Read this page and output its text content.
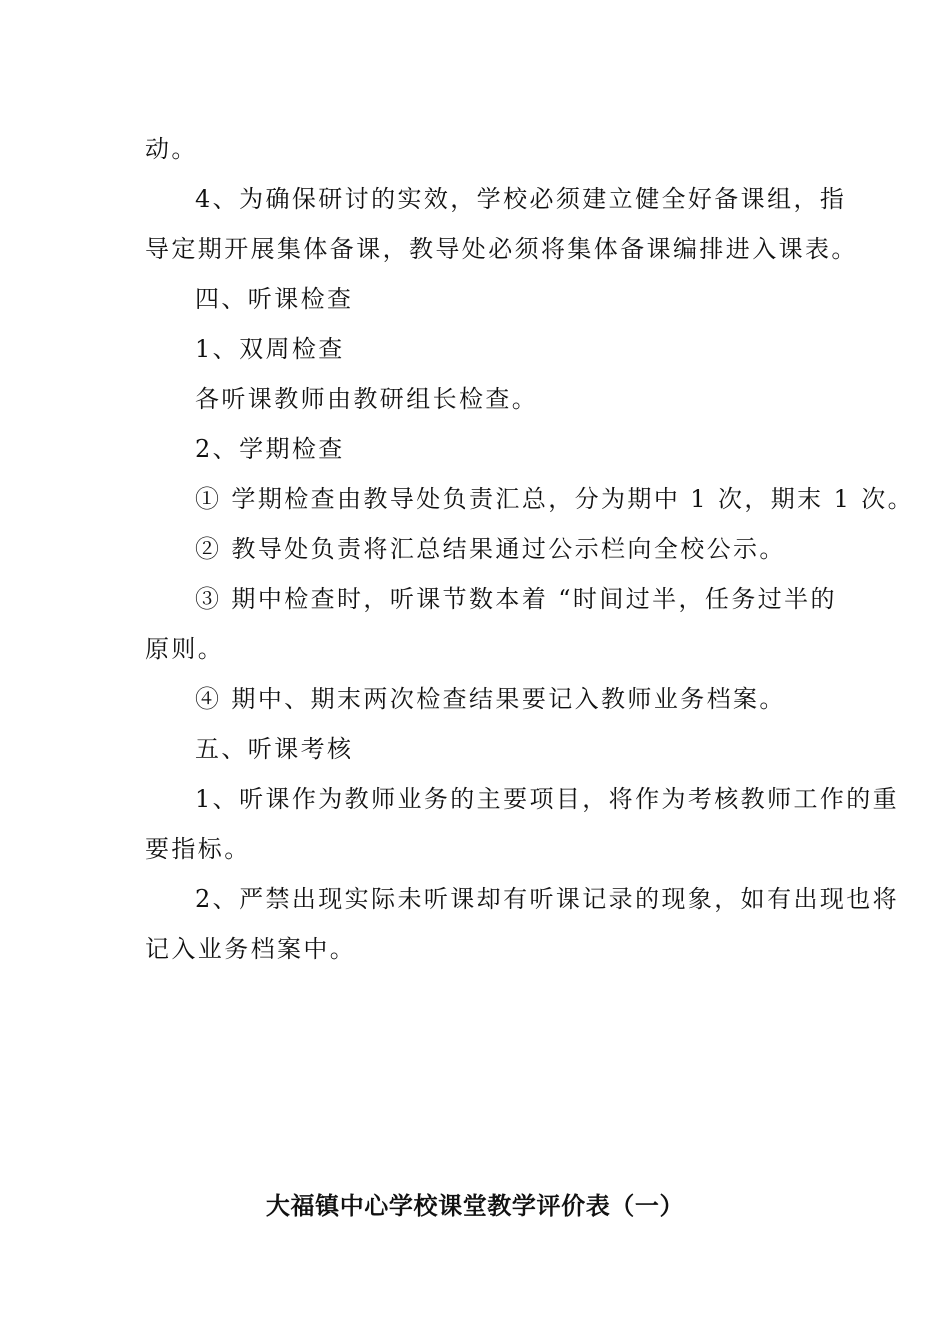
动。
4、为确保研讨的实效，学校必须建立健全好备课组，指
导定期开展集体备课，教导处必须将集体备课编排进入课表。
四、听课检查
1、双周检查
各听课教师由教研组长检查。
2、学期检查
① 学期检查由教导处负责汇总，分为期中 1 次，期末 1 次。
② 教导处负责将汇总结果通过公示栏向全校公示。
③ 期中检查时，听课节数本着 “时间过半，任务过半的
原则。
④ 期中、期末两次检查结果要记入教师业务档案。
五、听课考核
1、听课作为教师业务的主要项目，将作为考核教师工作的重
要指标。
2、严禁出现实际未听课却有听课记录的现象，如有出现也将
记入业务档案中。
大福镇中心学校课堂教学评价表（一）
